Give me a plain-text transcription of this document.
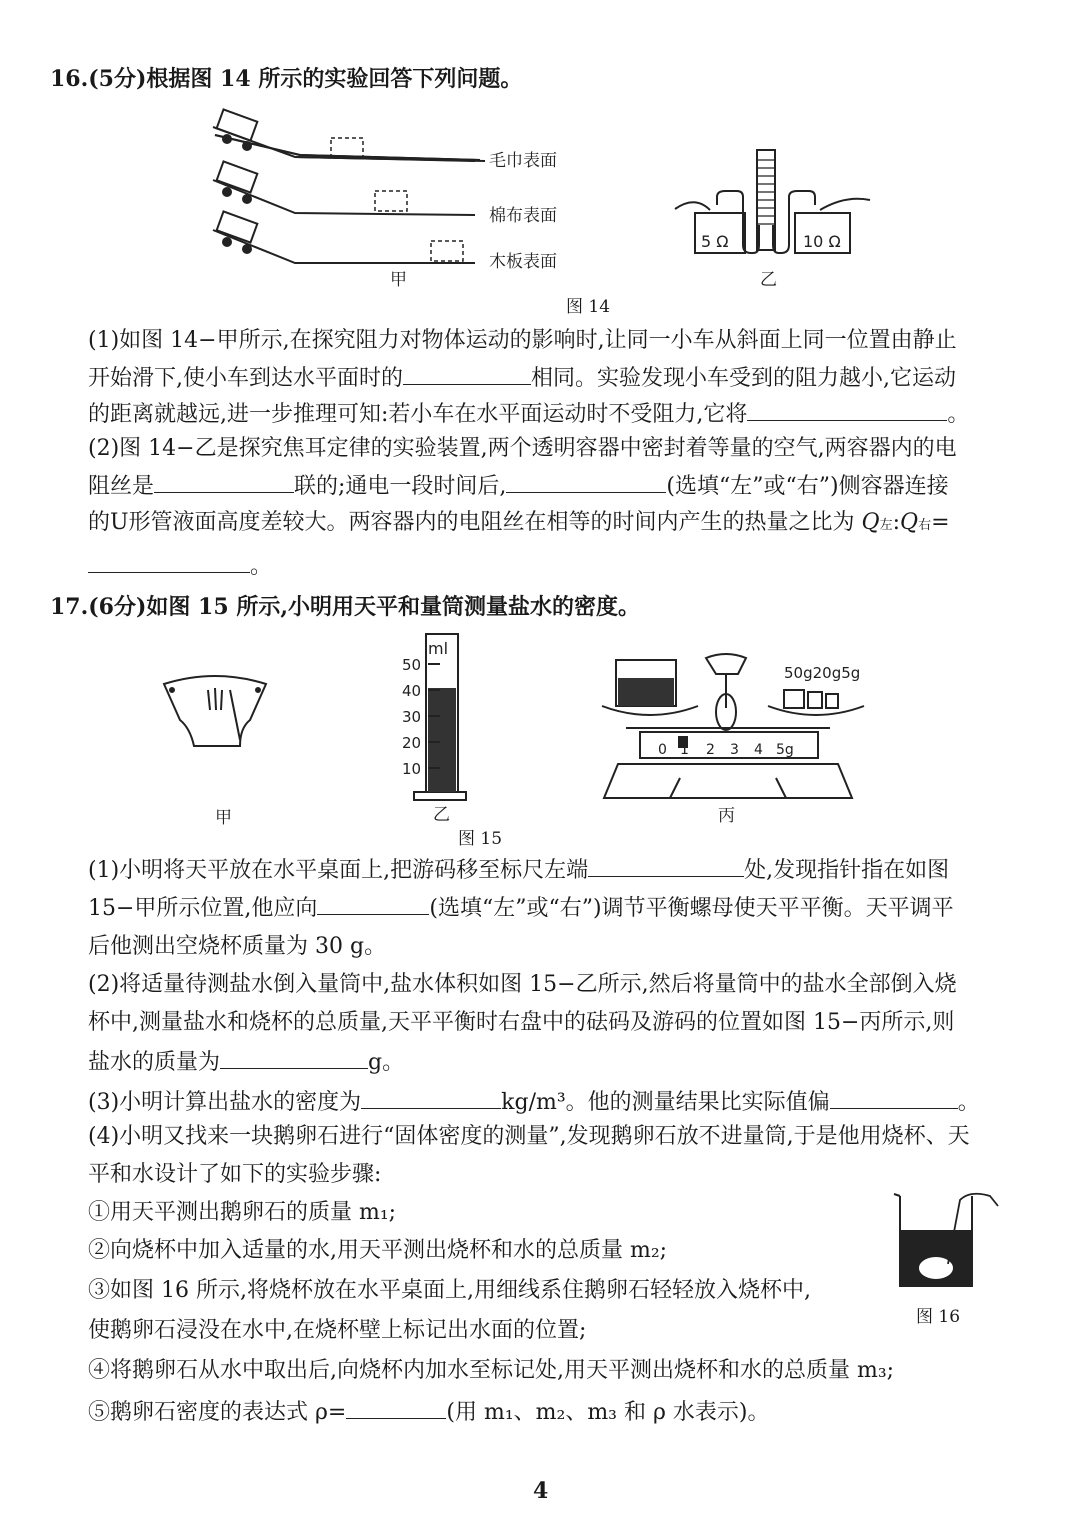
16.(5分)根据图 14 所示的实验回答下列问题。
毛巾表面
棉布表面
木板表面
甲
5 Ω	10 Ω
乙
图 14
(1)如图 14−甲所示,在探究阻力对物体运动的影响时,让同一小车从斜面上同一位置由静止
开始滑下,使小车到达水平面时的	相同。实验发现小车受到的阻力越小,它运动
的距离就越远,进一步推理可知:若小车在水平面运动时不受阻力,它将	。
(2)图 14−乙是探究焦耳定律的实验装置,两个透明容器中密封着等量的空气,两容器内的电
阻丝是	联的;通电一段时间后,	(选填“左”或“右”)侧容器连接
的U形管液面高度差较大。两容器内的电阻丝在相等的时间内产生的热量之比为 Q左:Q右=
。
17.(6分)如图 15 所示,小明用天平和量筒测量盐水的密度。
甲
ml
50
40
30
20
10
乙
50g20g5g
0 1 2 3 4 5g
丙
图 15
(1)小明将天平放在水平桌面上,把游码移至标尺左端	处,发现指针指在如图
15−甲所示位置,他应向	(选填“左”或“右”)调节平衡螺母使天平平衡。天平调平
后他测出空烧杯质量为 30 g。
(2)将适量待测盐水倒入量筒中,盐水体积如图 15−乙所示,然后将量筒中的盐水全部倒入烧
杯中,测量盐水和烧杯的总质量,天平平衡时右盘中的砝码及游码的位置如图 15−丙所示,则
盐水的质量为	g。
(3)小明计算出盐水的密度为	kg/m³。他的测量结果比实际值偏	。
(4)小明又找来一块鹅卵石进行“固体密度的测量”,发现鹅卵石放不进量筒,于是他用烧杯、天
平和水设计了如下的实验步骤:
①用天平测出鹅卵石的质量 m₁;
②向烧杯中加入适量的水,用天平测出烧杯和水的总质量 m₂;
③如图 16 所示,将烧杯放在水平桌面上,用细线系住鹅卵石轻轻放入烧杯中,
使鹅卵石浸没在水中,在烧杯壁上标记出水面的位置;
④将鹅卵石从水中取出后,向烧杯内加水至标记处,用天平测出烧杯和水的总质量 m₃;
⑤鹅卵石密度的表达式 ρ=	(用 m₁、m₂、m₃ 和 ρ 水表示)。
图 16
4
